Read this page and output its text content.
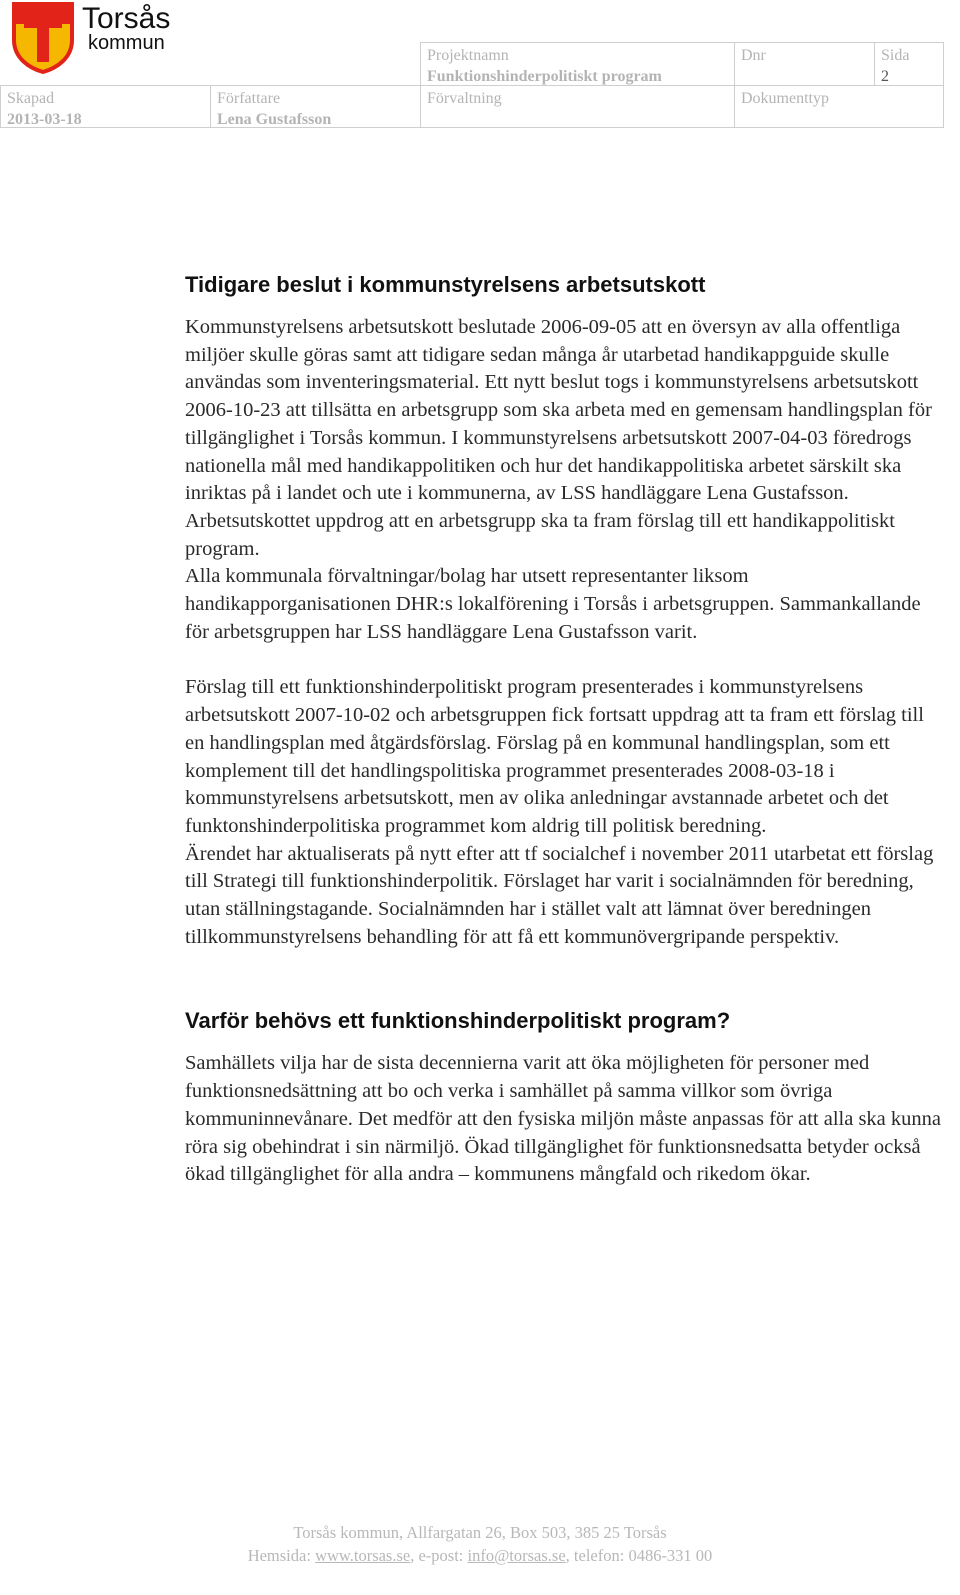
Torsås
kommun
Projektnamn
Funktionshinderpolitiskt program
Dnr	Sida
2
Skapad
2013-03-18
Författare
Lena Gustafsson
Förvaltning	Dokumenttyp
Tidigare beslut i kommunstyrelsens arbetsutskott

Kommunstyrelsens arbetsutskott beslutade 2006-09-05 att en översyn av alla offentliga miljöer skulle göras samt att tidigare sedan många år utarbetad handikappguide skulle användas som inventeringsmaterial. Ett nytt beslut togs i kommunstyrelsens arbetsutskott 2006-10-23 att tillsätta en arbetsgrupp som ska arbeta med en gemensam handlingsplan för tillgänglighet i Torsås kommun. I kommunstyrelsens arbetsutskott 2007-04-03 föredrogs nationella mål med handikappolitiken och hur det handikappolitiska arbetet särskilt ska inriktas på i landet och ute i kommunerna, av LSS handläggare Lena Gustafsson. Arbetsutskottet uppdrog att en arbetsgrupp ska ta fram förslag till ett handikappolitiskt program.

Alla kommunala förvaltningar/bolag har utsett representanter liksom handikapporganisationen DHR:s lokalförening i Torsås i arbetsgruppen. Sammankallande för arbetsgruppen har LSS handläggare Lena Gustafsson varit.

Förslag till ett funktionshinderpolitiskt program presenterades i kommunstyrelsens arbetsutskott 2007-10-02 och arbetsgruppen fick fortsatt uppdrag att ta fram ett förslag till en handlingsplan med åtgärdsförslag. Förslag på en kommunal handlingsplan, som ett komplement till det handlingspolitiska programmet presenterades 2008-03-18 i kommunstyrelsens arbetsutskott, men av olika anledningar avstannade arbetet och det funktonshinderpolitiska programmet kom aldrig till politisk beredning.

Ärendet har aktualiserats på nytt efter att tf socialchef i november 2011 utarbetat ett förslag till Strategi till funktionshinderpolitik. Förslaget har varit i socialnämnden för beredning, utan ställningstagande. Socialnämnden har i stället valt att lämnat över beredningen tillkommunstyrelsens behandling för att få ett kommunövergripande perspektiv.

Varför behövs ett funktionshinderpolitiskt program?

Samhällets vilja har de sista decennierna varit att öka möjligheten för personer med funktionsnedsättning att bo och verka i samhället på samma villkor som övriga kommuninnevånare. Det medför att den fysiska miljön måste anpassas för att alla ska kunna röra sig obehindrat i sin närmiljö. Ökad tillgänglighet för funktionsnedsatta betyder också ökad tillgänglighet för alla andra – kommunens mångfald och rikedom ökar.

Torsås kommun, Allfargatan 26, Box 503, 385 25 Torsås
Hemsida: www.torsas.se, e-post: info@torsas.se, telefon: 0486-331 00
